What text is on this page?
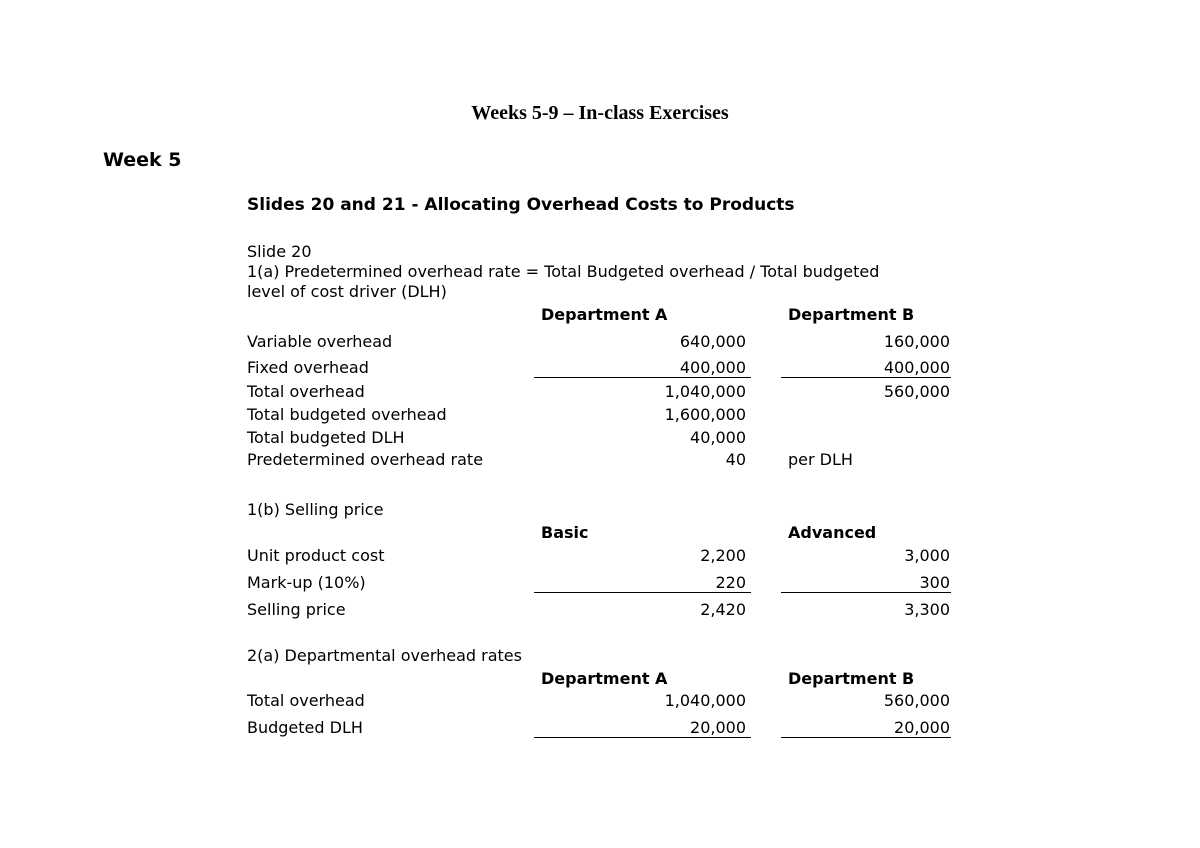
Weeks 5-9 – In-class Exercises
Week 5
Slides 20 and 21 - Allocating Overhead Costs to Products
Slide 20
1(a) Predetermined overhead rate = Total Budgeted overhead / Total budgeted
level of cost driver (DLH)
Department A	Department B
Variable overhead	640,000	160,000
Fixed overhead	400,000	400,000
Total overhead	1,040,000	560,000
Total budgeted overhead	1,600,000
Total budgeted DLH	40,000
Predetermined overhead rate	40	per DLH
1(b) Selling price
Basic	Advanced
Unit product cost	2,200	3,000
Mark-up (10%)	220	300
Selling price	2,420	3,300
2(a) Departmental overhead rates
Department A	Department B
Total overhead	1,040,000	560,000
Budgeted DLH	20,000	20,000
